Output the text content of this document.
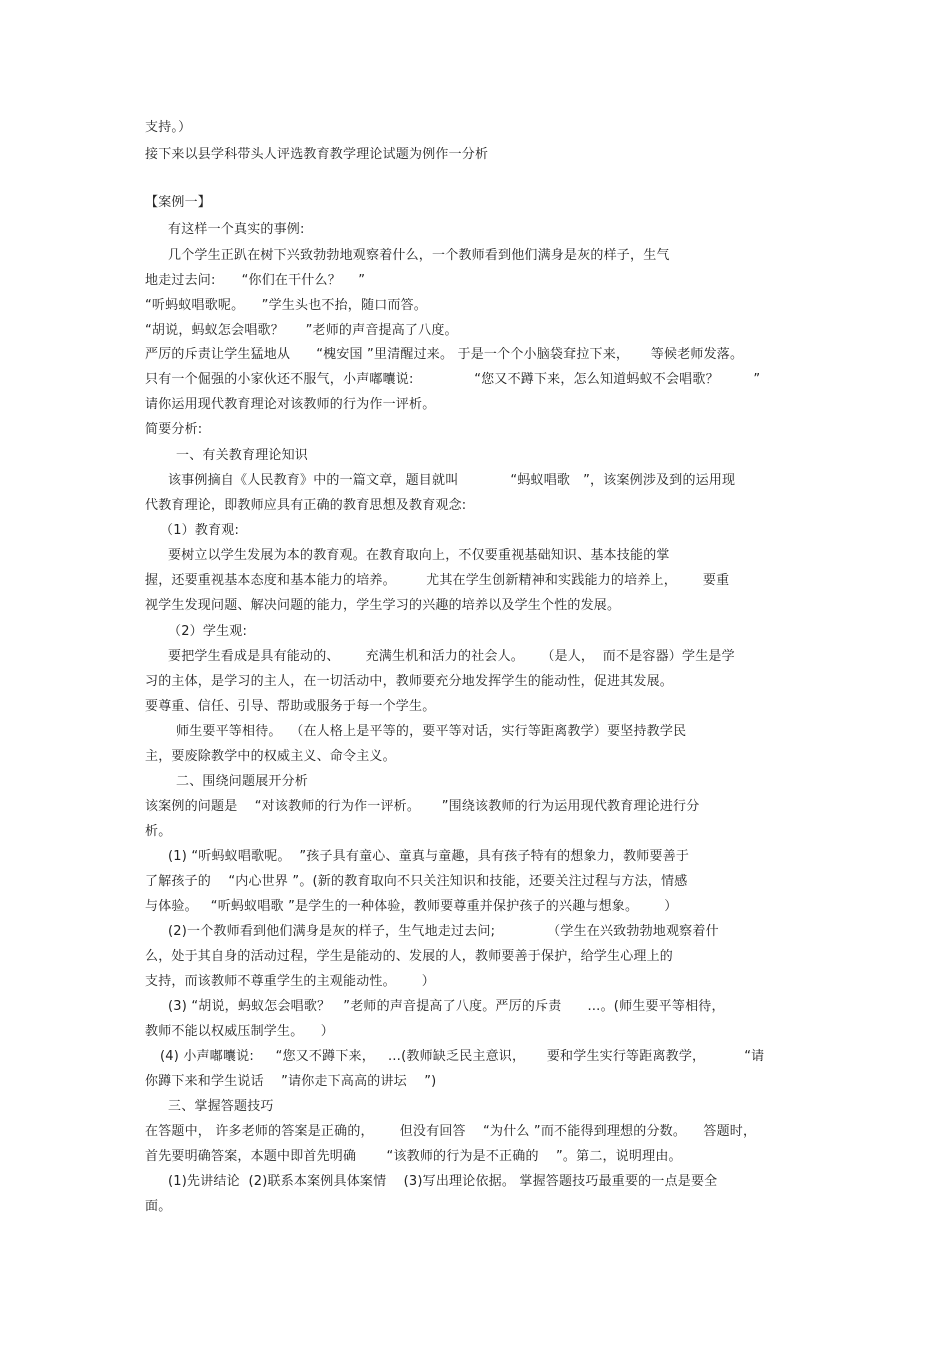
支持。）
接下来以县学科带头人评选教育教学理论试题为例作一分析
【案例一】
有这样一个真实的事例:
几个学生正趴在树下兴致勃勃地观察着什么，一个教师看到他们满身是灰的样子，生气
地走过去问:      “你们在干什么？    ”
“听蚂蚁唱歌呢。    ”学生头也不抬，随口而答。
“胡说，蚂蚁怎会唱歌？     ”老师的声音提高了八度。
严厉的斥责让学生猛地从      “槐安国 ”里清醒过来。 于是一个个小脑袋耷拉下来，     等候老师发落。
只有一个倔强的小家伙还不服气，小声嘟囔说:              “您又不蹲下来，怎么知道蚂蚁不会唱歌？        ”
请你运用现代教育理论对该教师的行为作一评析。
简要分析:
一、有关教育理论知识
该事例摘自《人民教育》中的一篇文章，题目就叫            “蚂蚁唱歌   ”，该案例涉及到的运用现
代教育理论，即教师应具有正确的教育思想及教育观念:
（1）教育观:
要树立以学生发展为本的教育观。在教育取向上，不仅要重视基础知识、基本技能的掌
握，还要重视基本态度和基本能力的培养。       尤其在学生创新精神和实践能力的培养上，      要重
视学生发现问题、解决问题的能力，学生学习的兴趣的培养以及学生个性的发展。
（2）学生观:
要把学生看成是具有能动的、      充满生机和活力的社会人。    （是人，  而不是容器）学生是学
习的主体，是学习的主人，在一切活动中，教师要充分地发挥学生的能动性，促进其发展。
要尊重、信任、引导、帮助或服务于每一个学生。
师生要平等相待。  （在人格上是平等的，要平等对话，实行等距离教学）要坚持教学民
主，要废除教学中的权威主义、命令主义。
二、围绕问题展开分析
该案例的问题是    “对该教师的行为作一评析。     ”围绕该教师的行为运用现代教育理论进行分
析。
(1) “听蚂蚁唱歌呢。  ”孩子具有童心、童真与童趣，具有孩子特有的想象力，教师要善于
了解孩子的    “内心世界 ”。(新的教育取向不只关注知识和技能，还要关注过程与方法，情感
与体验。   “听蚂蚁唱歌 ”是学生的一种体验，教师要尊重并保护孩子的兴趣与想象。      ）
(2)一个教师看到他们满身是灰的样子，生气地走过去问;            （学生在兴致勃勃地观察着什
么，处于其自身的活动过程，学生是能动的、发展的人，教师要善于保护，给学生心理上的
支持，而该教师不尊重学生的主观能动性。      ）
(3) “胡说，蚂蚁怎会唱歌？   ”老师的声音提高了八度。严厉的斥责      …。(师生要平等相待，
教师不能以权威压制学生。    ）
(4) 小声嘟囔说:     “您又不蹲下来，   …(教师缺乏民主意识，     要和学生实行等距离教学，         “请
你蹲下来和学生说话    ”请你走下高高的讲坛    ”)
三、掌握答题技巧
在答题中， 许多老师的答案是正确的，      但没有回答    “为什么 ”而不能得到理想的分数。    答题时，
首先要明确答案，本题中即首先明确       “该教师的行为是不正确的    ”。第二，说明理由。
(1)先讲结论  (2)联系本案例具体案情    (3)写出理论依据。 掌握答题技巧最重要的一点是要全
面。
